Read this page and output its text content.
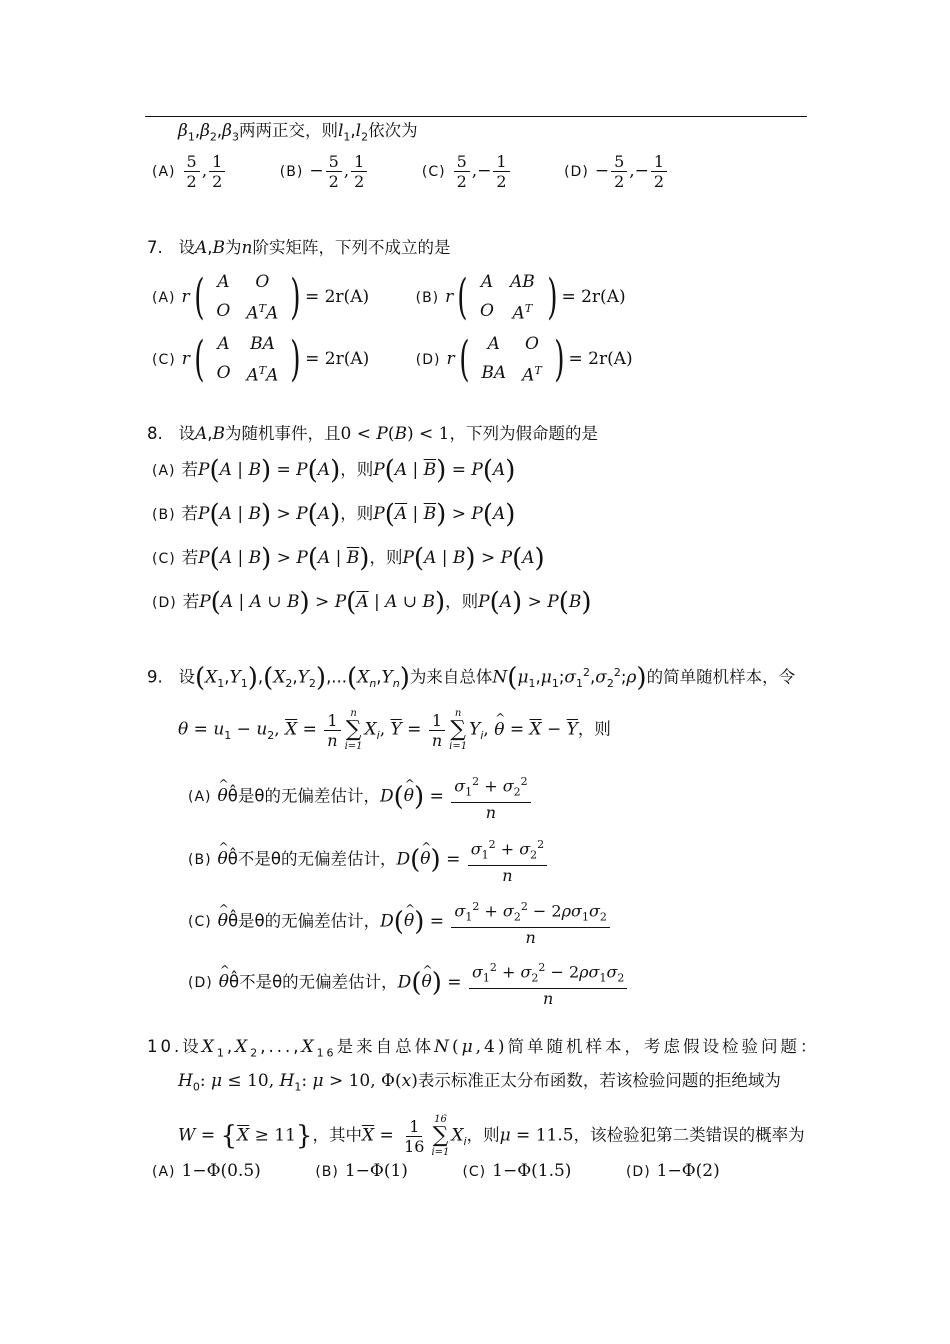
$\beta_1,\beta_2,\beta_3$两两正交，则$l_1,l_2$依次为
$(A) \frac{5}{2}$ , $\frac{1}{2}$	$(B) - \frac{5}{2}$ , $\frac{1}{2}$	$(C) \frac{5}{2}$ ,− $\frac{1}{2}$	$(D) - \frac{5}{2}$ ,− $\frac{1}{2}$
7. 设A,B为n阶实矩阵，下列不成立的是
(A) r ( A	O
O	$A^TA$ ) = 2r(A)	(B) r ( A	AB
O	$A^T$ ) = 2r(A)
(C) r ( A	BA
O	$A^TA$ ) = 2r(A)	(D) r ( A	O
BA	$A^T$ ) = 2r(A)
8. 设A,B为随机事件，且0 < P(B) < 1，下列为假命题的是
(A) 若P(A | B) = P(A)，则P(A | $\overline{B}) = P(A)$
(B) 若P(A | B) > P(A)，则$P(\overline{A}$ | $\overline{B}) > P(A)$
(C) 若P(A | B) > P(A | $\overline{B}$)，则P(A | B) > P(A)
(D) 若P(A | A ∪ $B) > P(\overline{A}$ | A ∪ B)，则P(A) > P(B)
9. 设$(X_1,Y_1),(X_2,Y_2),...(X_n,Y_n)$为来自总体$N(\mu_1,\mu_1;\sigma_1^2,\sigma_2^2;\rho)$的简单随机样本，令
$\theta = u_1 - u_2$, $\overline{X} = \frac{1}{n}$ n
∑
i=1
$X_i$, $\overline{Y} = \frac{1}{n}$ n
∑
i=1
$Y_i$, ^ $\theta = \overline{X} - \overline{Y}$，则
(A) ^ θθ̂是θ的无偏差估计，D(^ $\theta) = \frac{\sigma_1^2 + \sigma_2^2}{n}$
(B) ^ θθ̂不是θ的无偏差估计，D(^ $\theta) = \frac{\sigma_1^2 + \sigma_2^2}{n}$
(C) ^ θθ̂是θ的无偏差估计，D(^ $\theta) = \frac{\sigma_1^2 + \sigma_2^2 - 2\rho\sigma_1\sigma_2}{n}$
(D) ^ θθ̂不是θ的无偏差估计，D(^ $\theta) = \frac{\sigma_1^2 + \sigma_2^2 - 2\rho\sigma_1\sigma_2}{n}$
10.设$X_1,X_2,...,X_{16}$是来自总体N(μ,4)简单随机样本，考虑假设检验问题：
$H_0$: μ ≤ 10, $H_1$: μ > 10, Φ(x)表示标准正太分布函数，若该检验问题的拒绝域为
$W = \{\overline{X} \ge 11\}$，其中$\overline{X} = \frac{1}{16} 16$
∑
i=1
$X_i$，则μ = 11.5，该检验犯第二类错误的概率为
(A) 1−Φ(0.5)	(B) 1−Φ(1)	(C) 1−Φ(1.5)	(D) 1−Φ(2)
